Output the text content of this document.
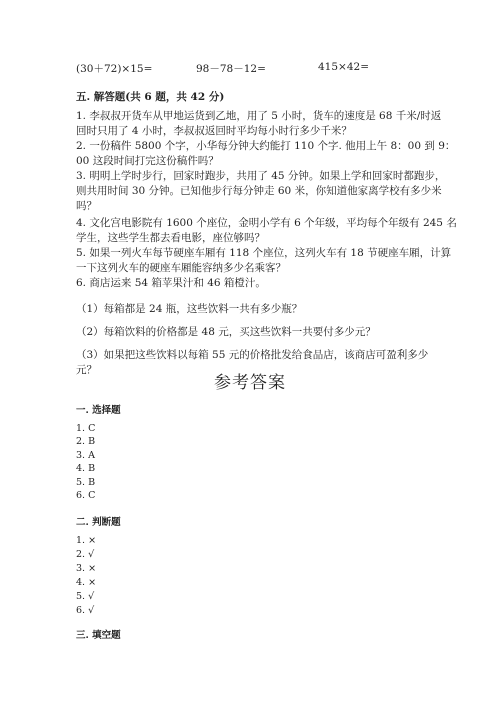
(30＋72)×15=	98－78－12=	415×42=
五. 解答题(共 6 题，共 42 分)
1. 李叔叔开货车从甲地运货到乙地，用了 5 小时，货车的速度是 68 千米/时返
回时只用了 4 小时，李叔叔返回时平均每小时行多少千米？
2. 一份稿件 5800 个字，小华每分钟大约能打 110 个字. 他用上午 8：00 到 9：
00 这段时间打完这份稿件吗？
3. 明明上学时步行，回家时跑步，共用了 45 分钟。如果上学和回家时都跑步，
则共用时间 30 分钟。已知他步行每分钟走 60 米，你知道他家离学校有多少米
吗？
4. 文化宫电影院有 1600 个座位，金明小学有 6 个年级，平均每个年级有 245 名
学生，这些学生都去看电影，座位够吗？
5. 如果一列火车每节硬座车厢有 118 个座位，这列火车有 18 节硬座车厢，计算
一下这列火车的硬座车厢能容纳多少名乘客？
6. 商店运来 54 箱苹果汁和 46 箱橙汁。
（1）每箱都是 24 瓶，这些饮料一共有多少瓶？
（2）每箱饮料的价格都是 48 元，买这些饮料一共要付多少元？
（3）如果把这些饮料以每箱 55 元的价格批发给食品店，该商店可盈利多少
元？
参考答案
一. 选择题
1. C
2. B
3. A
4. B
5. B
6. C
二. 判断题
1. ×
2. √
3. ×
4. ×
5. √
6. √
三. 填空题
